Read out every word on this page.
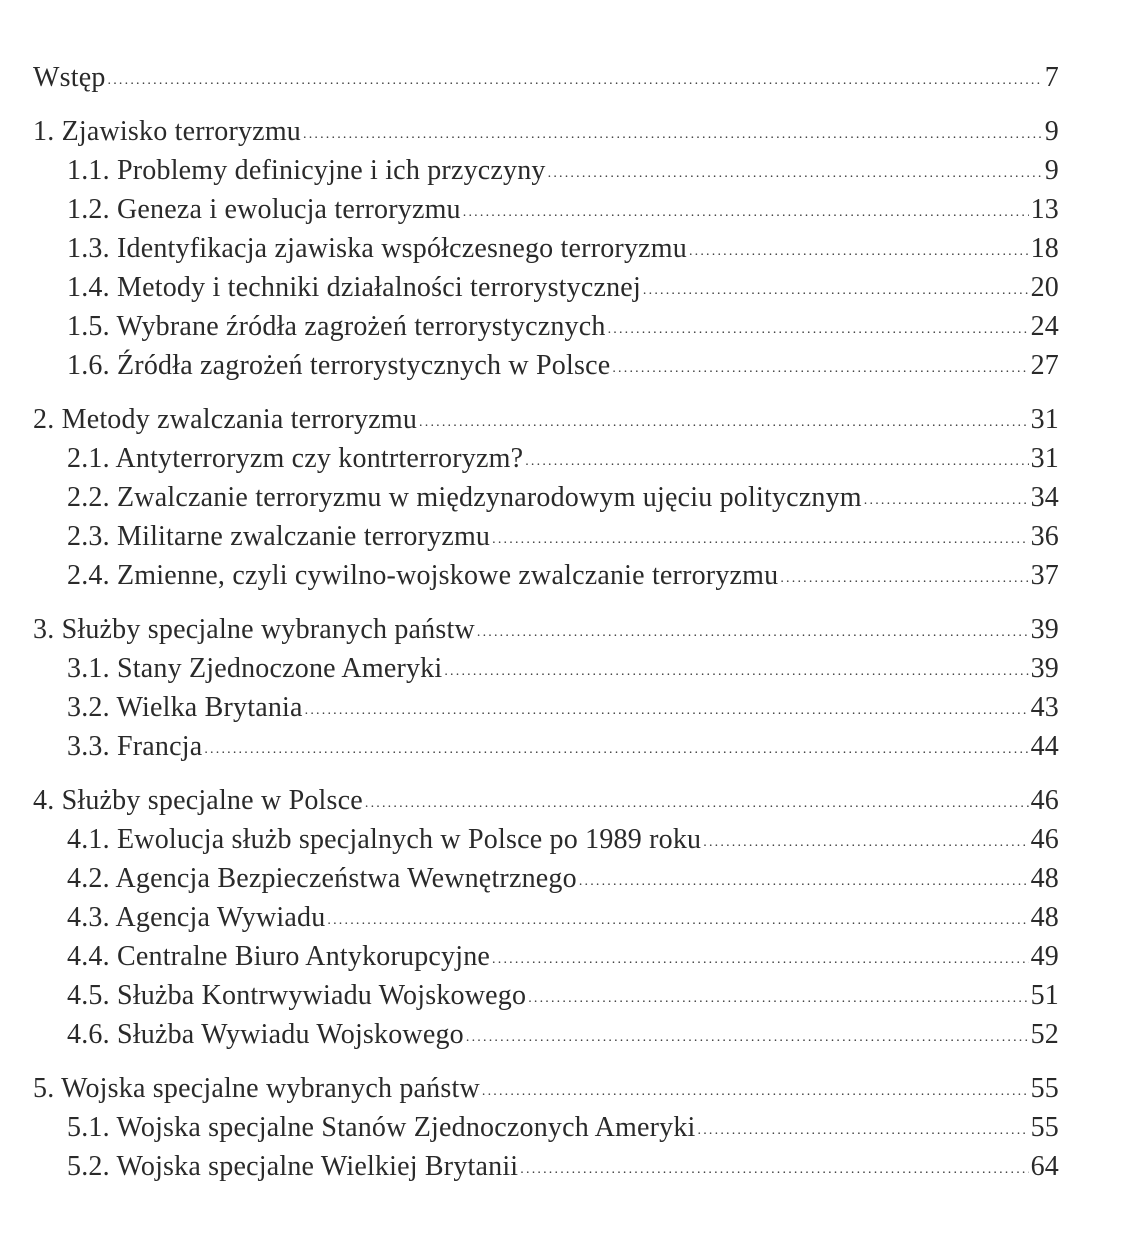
Wstęp .....	7
1. Zjawisko terroryzmu .....	9
1.1. Problemy definicyjne i ich przyczyny .....	9
1.2. Geneza i ewolucja terroryzmu .....	13
1.3. Identyfikacja zjawiska współczesnego terroryzmu .....	18
1.4. Metody i techniki działalności terrorystycznej .....	20
1.5. Wybrane źródła zagrożeń terrorystycznych .....	24
1.6. Źródła zagrożeń terrorystycznych w Polsce .....	27
2. Metody zwalczania terroryzmu .....	31
2.1. Antyterroryzm czy kontrterroryzm? .....	31
2.2. Zwalczanie terroryzmu w międzynarodowym ujęciu politycznym .....	34
2.3. Militarne zwalczanie terroryzmu .....	36
2.4. Zmienne, czyli cywilno-wojskowe zwalczanie terroryzmu .....	37
3. Służby specjalne wybranych państw .....	39
3.1. Stany Zjednoczone Ameryki .....	39
3.2. Wielka Brytania .....	43
3.3. Francja .....	44
4. Służby specjalne w Polsce .....	46
4.1. Ewolucja służb specjalnych w Polsce po 1989 roku .....	46
4.2. Agencja Bezpieczeństwa Wewnętrznego .....	48
4.3. Agencja Wywiadu .....	48
4.4. Centralne Biuro Antykorupcyjne .....	49
4.5. Służba Kontrwywiadu Wojskowego .....	51
4.6. Służba Wywiadu Wojskowego .....	52
5. Wojska specjalne wybranych państw .....	55
5.1. Wojska specjalne Stanów Zjednoczonych Ameryki .....	55
5.2. Wojska specjalne Wielkiej Brytanii .....	64
